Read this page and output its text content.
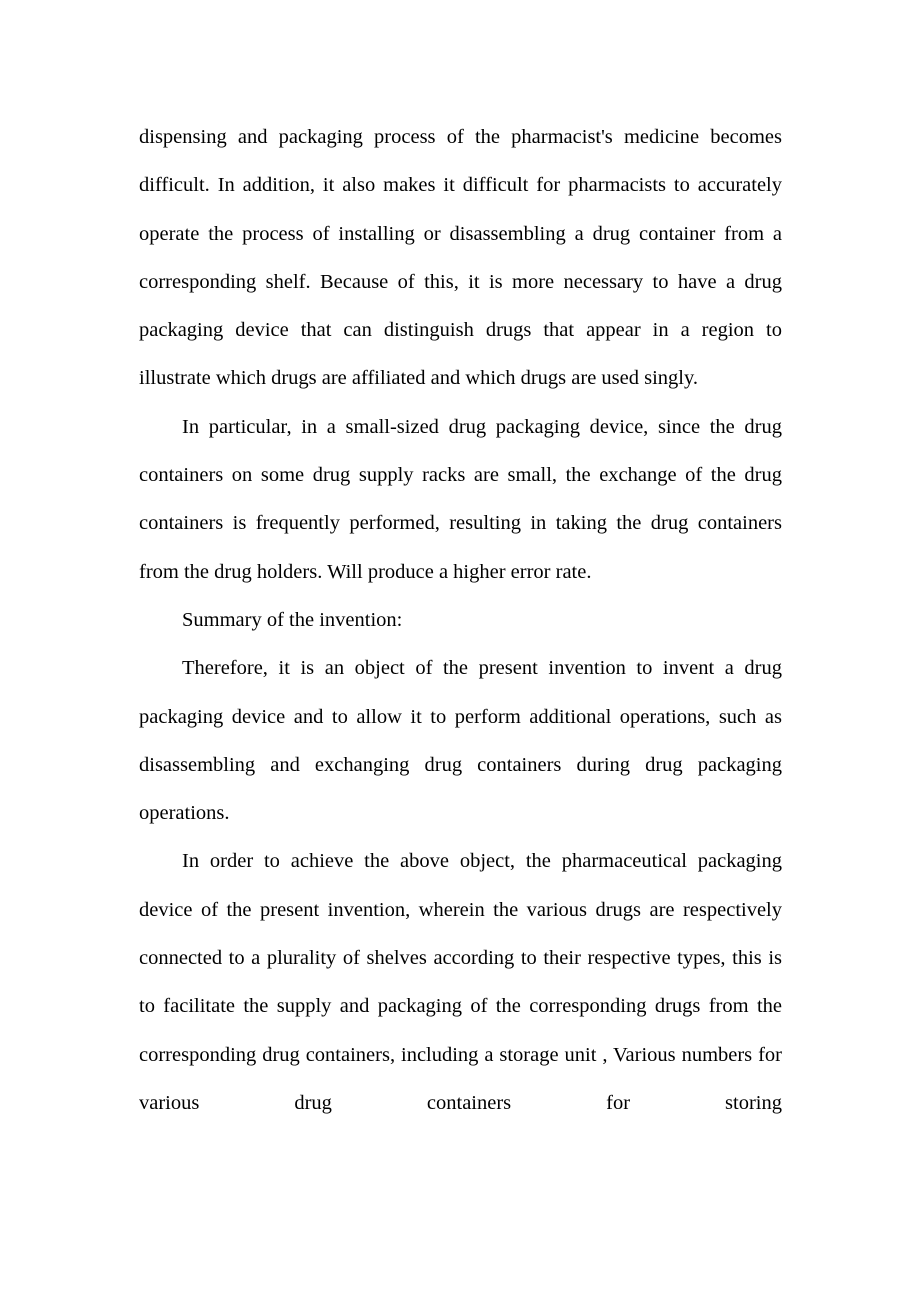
dispensing and packaging process of the pharmacist's medicine becomes difficult. In addition, it also makes it difficult for pharmacists to accurately operate the process of installing or disassembling a drug container from a corresponding shelf. Because of this, it is more necessary to have a drug packaging device that can distinguish drugs that appear in a region to illustrate which drugs are affiliated and which drugs are used singly.

In particular, in a small-sized drug packaging device, since the drug containers on some drug supply racks are small, the exchange of the drug containers is frequently performed, resulting in taking the drug containers from the drug holders. Will produce a higher error rate.

Summary of the invention:

Therefore, it is an object of the present invention to invent a drug packaging device and to allow it to perform additional operations, such as disassembling and exchanging drug containers during drug packaging operations.

In order to achieve the above object, the pharmaceutical packaging device of the present invention, wherein the various drugs are respectively connected to a plurality of shelves according to their respective types, this is to facilitate the supply and packaging of the corresponding drugs from the corresponding drug containers, including a storage unit , Various numbers for various drug containers for storing
